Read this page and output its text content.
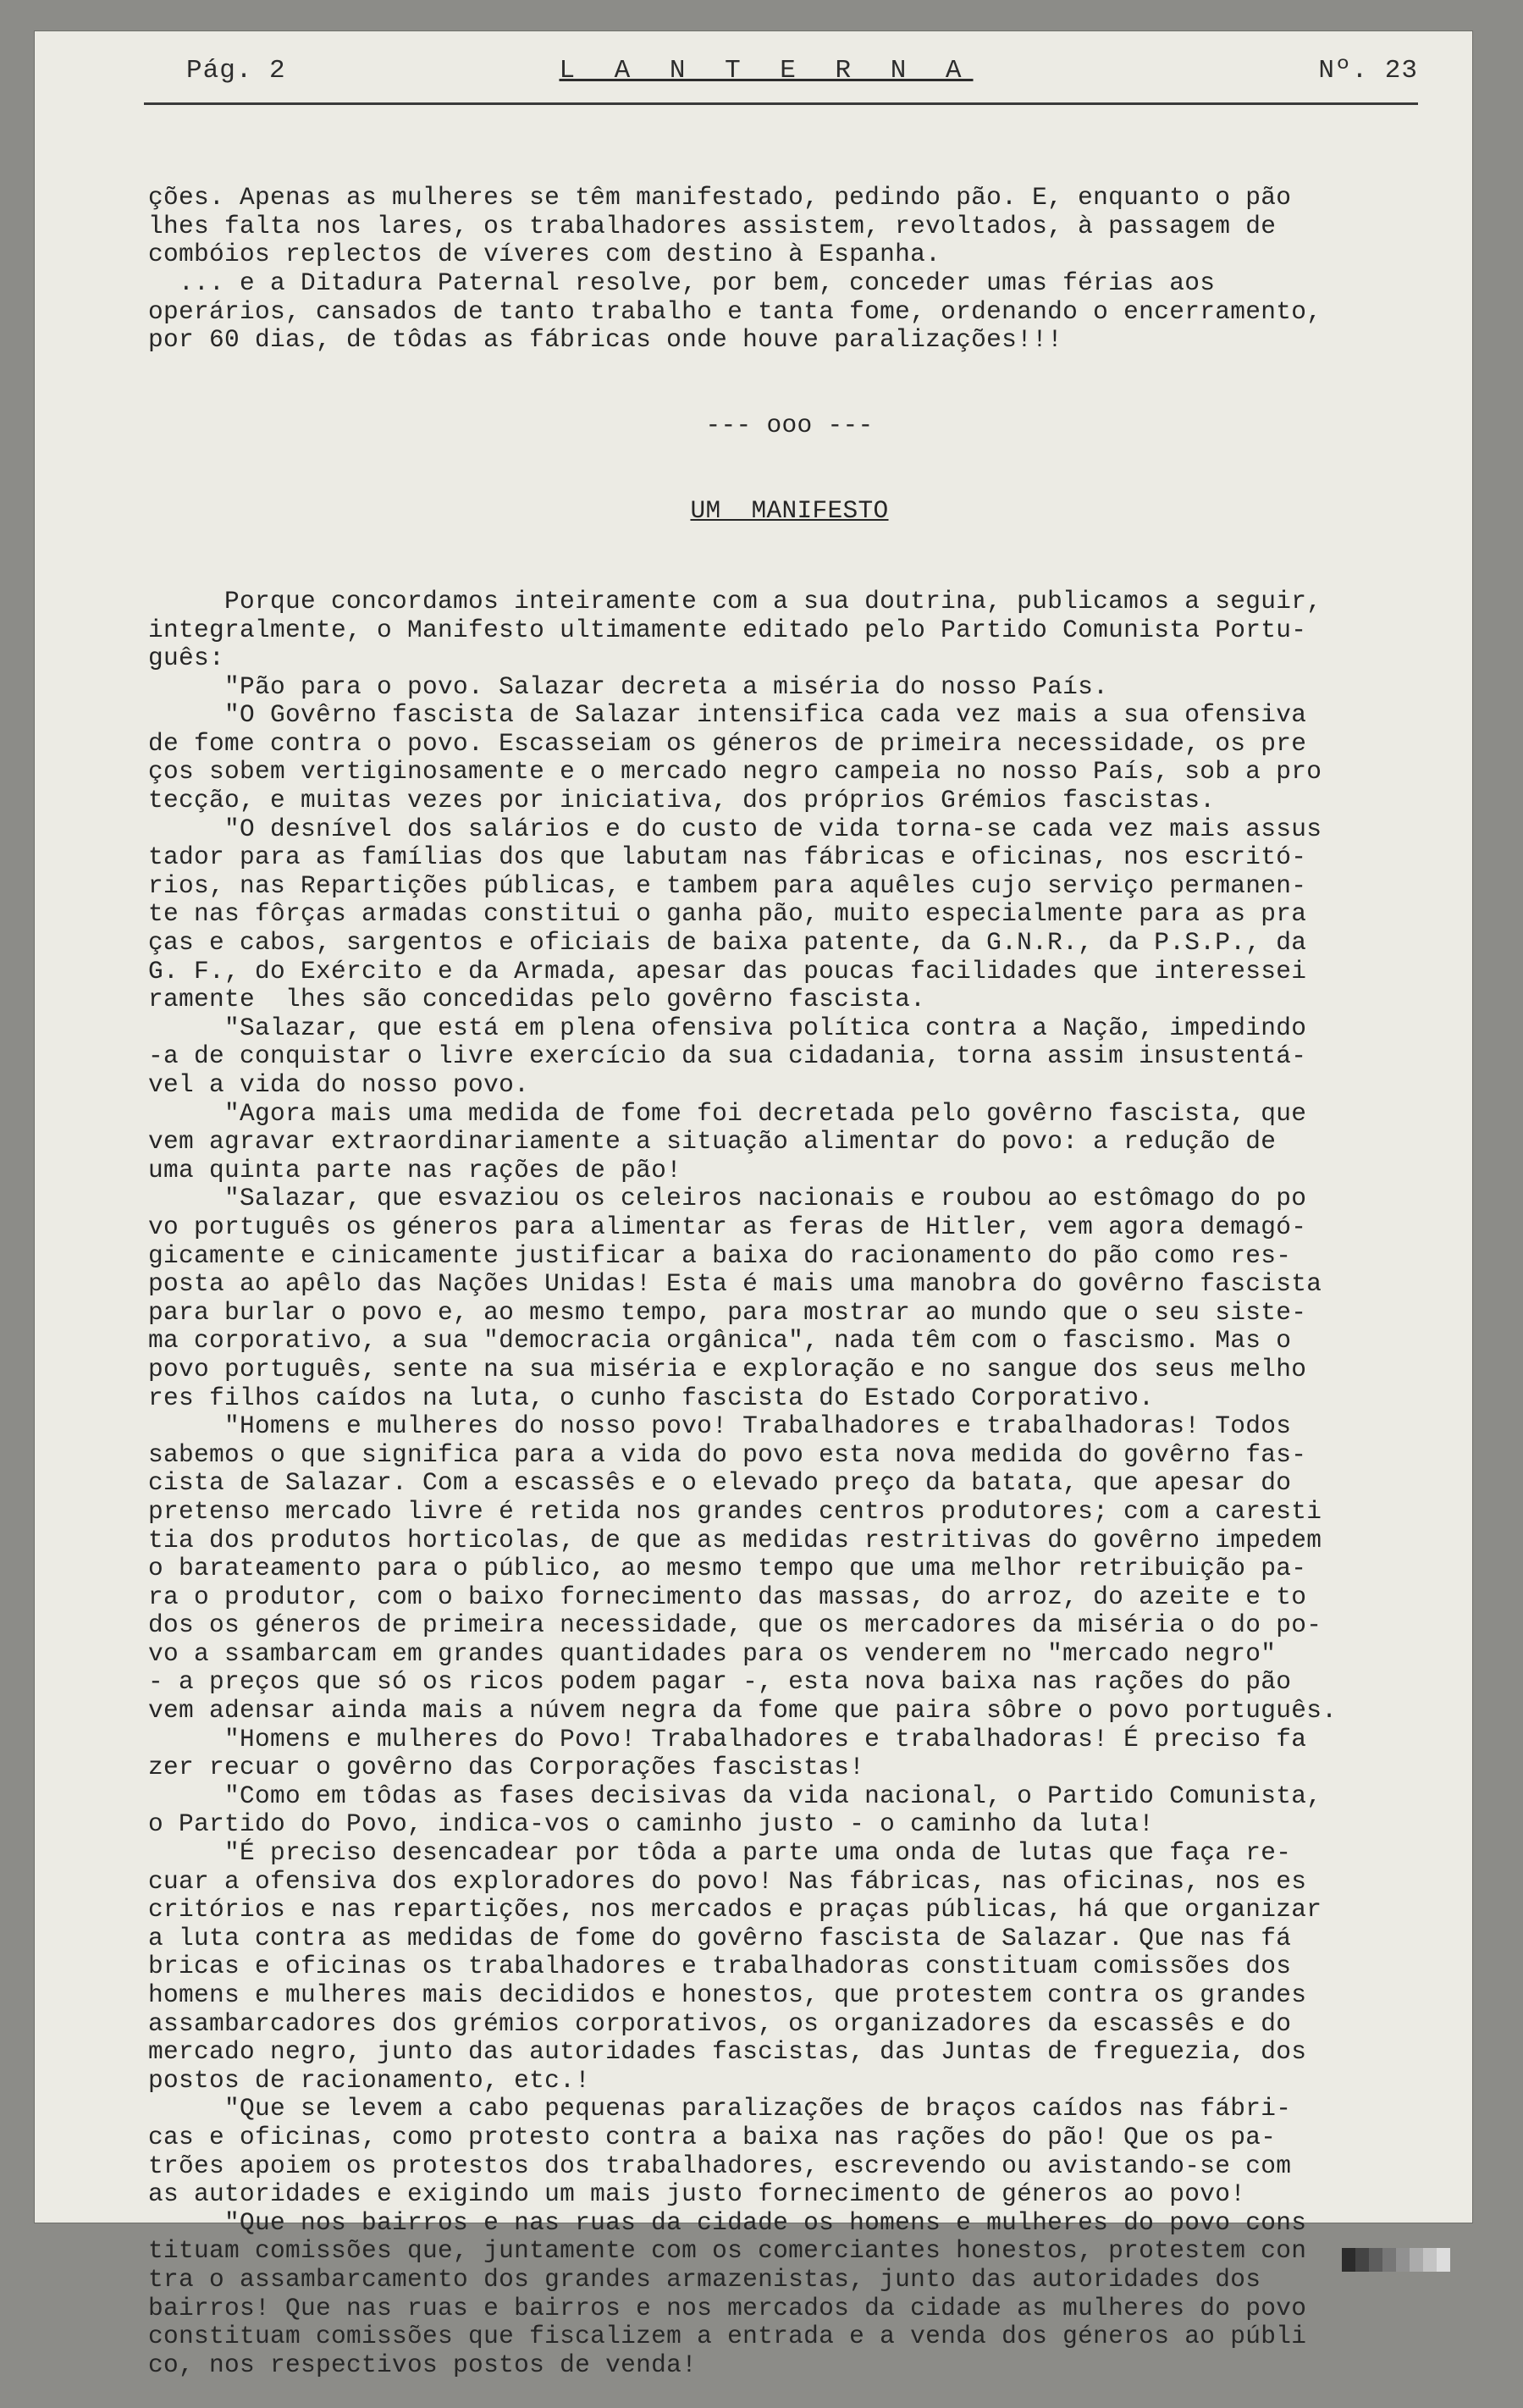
Pág. 2	L A N T E R N A	Nº. 23

ções. Apenas as mulheres se têm manifestado, pedindo pão. E, enquanto o pão
lhes falta nos lares, os trabalhadores assistem, revoltados, à passagem de
combóios replectos de víveres com destino à Espanha.
... e a Ditadura Paternal resolve, por bem, conceder umas férias aos
operários, cansados de tanto trabalho e tanta fome, ordenando o encerramento,
por 60 dias, de tôdas as fábricas onde houve paralizações!!!

--- ooo ---

UM  MANIFESTO

Porque concordamos inteiramente com a sua doutrina, publicamos a seguir,
integralmente, o Manifesto ultimamente editado pelo Partido Comunista Portu-
guês:
"Pão para o povo. Salazar decreta a miséria do nosso País.
"O Govêrno fascista de Salazar intensifica cada vez mais a sua ofensiva
de fome contra o povo. Escasseiam os géneros de primeira necessidade, os pre
ços sobem vertiginosamente e o mercado negro campeia no nosso País, sob a pro
tecção, e muitas vezes por iniciativa, dos próprios Grémios fascistas.
"O desnível dos salários e do custo de vida torna-se cada vez mais assus
tador para as famílias dos que labutam nas fábricas e oficinas, nos escritó-
rios, nas Repartições públicas, e tambem para aquêles cujo serviço permanen-
te nas fôrças armadas constitui o ganha pão, muito especialmente para as pra
ças e cabos, sargentos e oficiais de baixa patente, da G.N.R., da P.S.P., da
G. F., do Exército e da Armada, apesar das poucas facilidades que interessei
ramente  lhes são concedidas pelo govêrno fascista.
"Salazar, que está em plena ofensiva política contra a Nação, impedindo
-a de conquistar o livre exercício da sua cidadania, torna assim insustentá-
vel a vida do nosso povo.
"Agora mais uma medida de fome foi decretada pelo govêrno fascista, que
vem agravar extraordinariamente a situação alimentar do povo: a redução de
uma quinta parte nas rações de pão!
"Salazar, que esvaziou os celeiros nacionais e roubou ao estômago do po
vo português os géneros para alimentar as feras de Hitler, vem agora demagó-
gicamente e cinicamente justificar a baixa do racionamento do pão como res-
posta ao apêlo das Nações Unidas! Esta é mais uma manobra do govêrno fascista
para burlar o povo e, ao mesmo tempo, para mostrar ao mundo que o seu siste-
ma corporativo, a sua "democracia orgânica", nada têm com o fascismo. Mas o
povo português, sente na sua miséria e exploração e no sangue dos seus melho
res filhos caídos na luta, o cunho fascista do Estado Corporativo.
"Homens e mulheres do nosso povo! Trabalhadores e trabalhadoras! Todos
sabemos o que significa para a vida do povo esta nova medida do govêrno fas-
cista de Salazar. Com a escassês e o elevado preço da batata, que apesar do
pretenso mercado livre é retida nos grandes centros produtores; com a caresti
tia dos produtos horticolas, de que as medidas restritivas do govêrno impedem
o barateamento para o público, ao mesmo tempo que uma melhor retribuição pa-
ra o produtor, com o baixo fornecimento das massas, do arroz, do azeite e to
dos os géneros de primeira necessidade, que os mercadores da miséria o do po-
vo a ssambarcam em grandes quantidades para os venderem no "mercado negro"
- a preços que só os ricos podem pagar -, esta nova baixa nas rações do pão
vem adensar ainda mais a núvem negra da fome que paira sôbre o povo português.
"Homens e mulheres do Povo! Trabalhadores e trabalhadoras! É preciso fa
zer recuar o govêrno das Corporações fascistas!
"Como em tôdas as fases decisivas da vida nacional, o Partido Comunista,
o Partido do Povo, indica-vos o caminho justo - o caminho da luta!
"É preciso desencadear por tôda a parte uma onda de lutas que faça re-
cuar a ofensiva dos exploradores do povo! Nas fábricas, nas oficinas, nos es
critórios e nas repartições, nos mercados e praças públicas, há que organizar
a luta contra as medidas de fome do govêrno fascista de Salazar. Que nas fá
bricas e oficinas os trabalhadores e trabalhadoras constituam comissões dos
homens e mulheres mais decididos e honestos, que protestem contra os grandes
assambarcadores dos grémios corporativos, os organizadores da escassês e do
mercado negro, junto das autoridades fascistas, das Juntas de freguezia, dos
postos de racionamento, etc.!
"Que se levem a cabo pequenas paralizações de braços caídos nas fábri-
cas e oficinas, como protesto contra a baixa nas rações do pão! Que os pa-
trões apoiem os protestos dos trabalhadores, escrevendo ou avistando-se com
as autoridades e exigindo um mais justo fornecimento de géneros ao povo!
"Que nos bairros e nas ruas da cidade os homens e mulheres do povo cons
tituam comissões que, juntamente com os comerciantes honestos, protestem con
tra o assambarcamento dos grandes armazenistas, junto das autoridades dos
bairros! Que nas ruas e bairros e nos mercados da cidade as mulheres do povo
constituam comissões que fiscalizem a entrada e a venda dos géneros ao públi
co, nos respectivos postos de venda!
